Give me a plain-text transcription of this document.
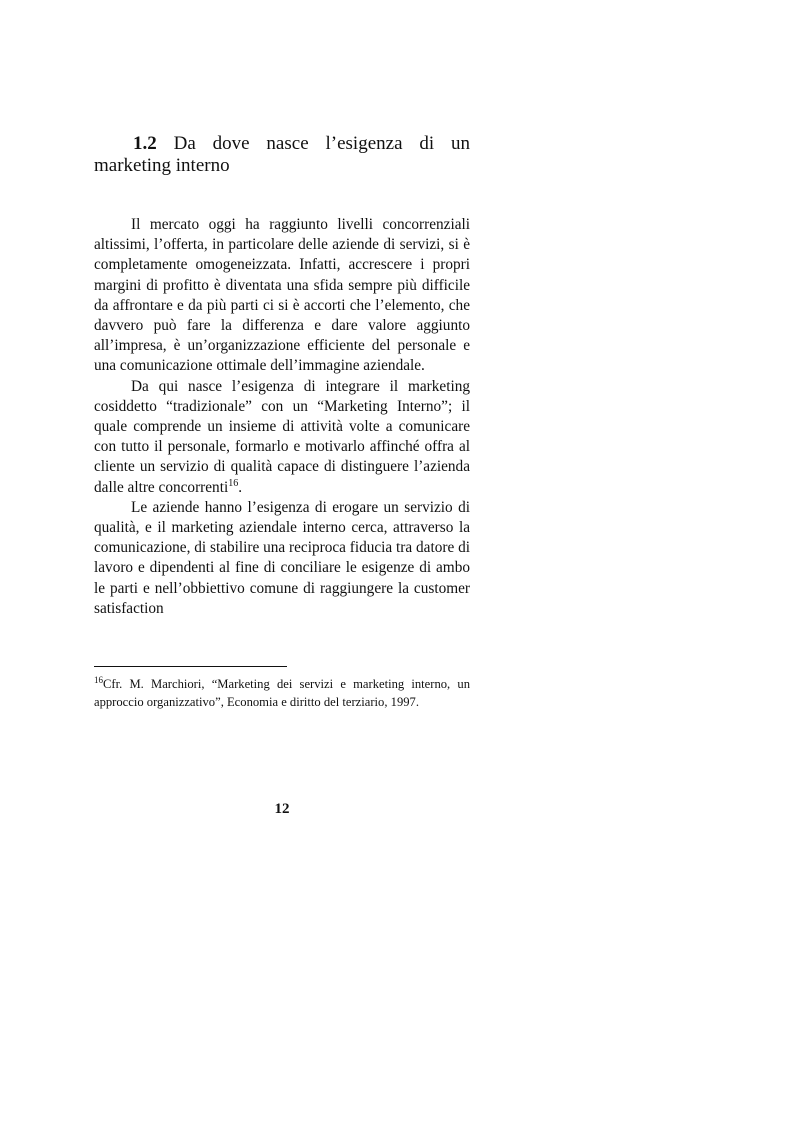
1.2 Da dove nasce l’esigenza di un
marketing interno

Il mercato oggi ha raggiunto livelli concorrenziali altissimi, l’offerta, in particolare delle aziende di servizi, si è completamente omogeneizzata. Infatti, accrescere i propri margini di profitto è diventata una sfida sempre più difficile da affrontare e da più parti ci si è accorti che l’elemento, che davvero può fare la differenza e dare valore aggiunto all’impresa, è un’organizzazione efficiente del personale e una comunicazione ottimale dell’immagine aziendale.

Da qui nasce l’esigenza di integrare il marketing cosiddetto “tradizionale” con un “Marketing Interno”; il quale comprende un insieme di attività volte a comunicare con tutto il personale, formarlo e motivarlo affinché offra al cliente un servizio di qualità capace di distinguere l’azienda dalle altre concorrenti$^{16}$.

Le aziende hanno l’esigenza di erogare un servizio di qualità, e il marketing aziendale interno cerca, attraverso la comunicazione, di stabilire una reciproca fiducia tra datore di lavoro e dipendenti al fine di conciliare le esigenze di ambo le parti e nell’obbiettivo comune di raggiungere la customer satisfaction

$^{16}$Cfr. M. Marchiori, “Marketing dei servizi e marketing interno, un approccio organizzativo”, Economia e diritto del terziario, 1997.

12
